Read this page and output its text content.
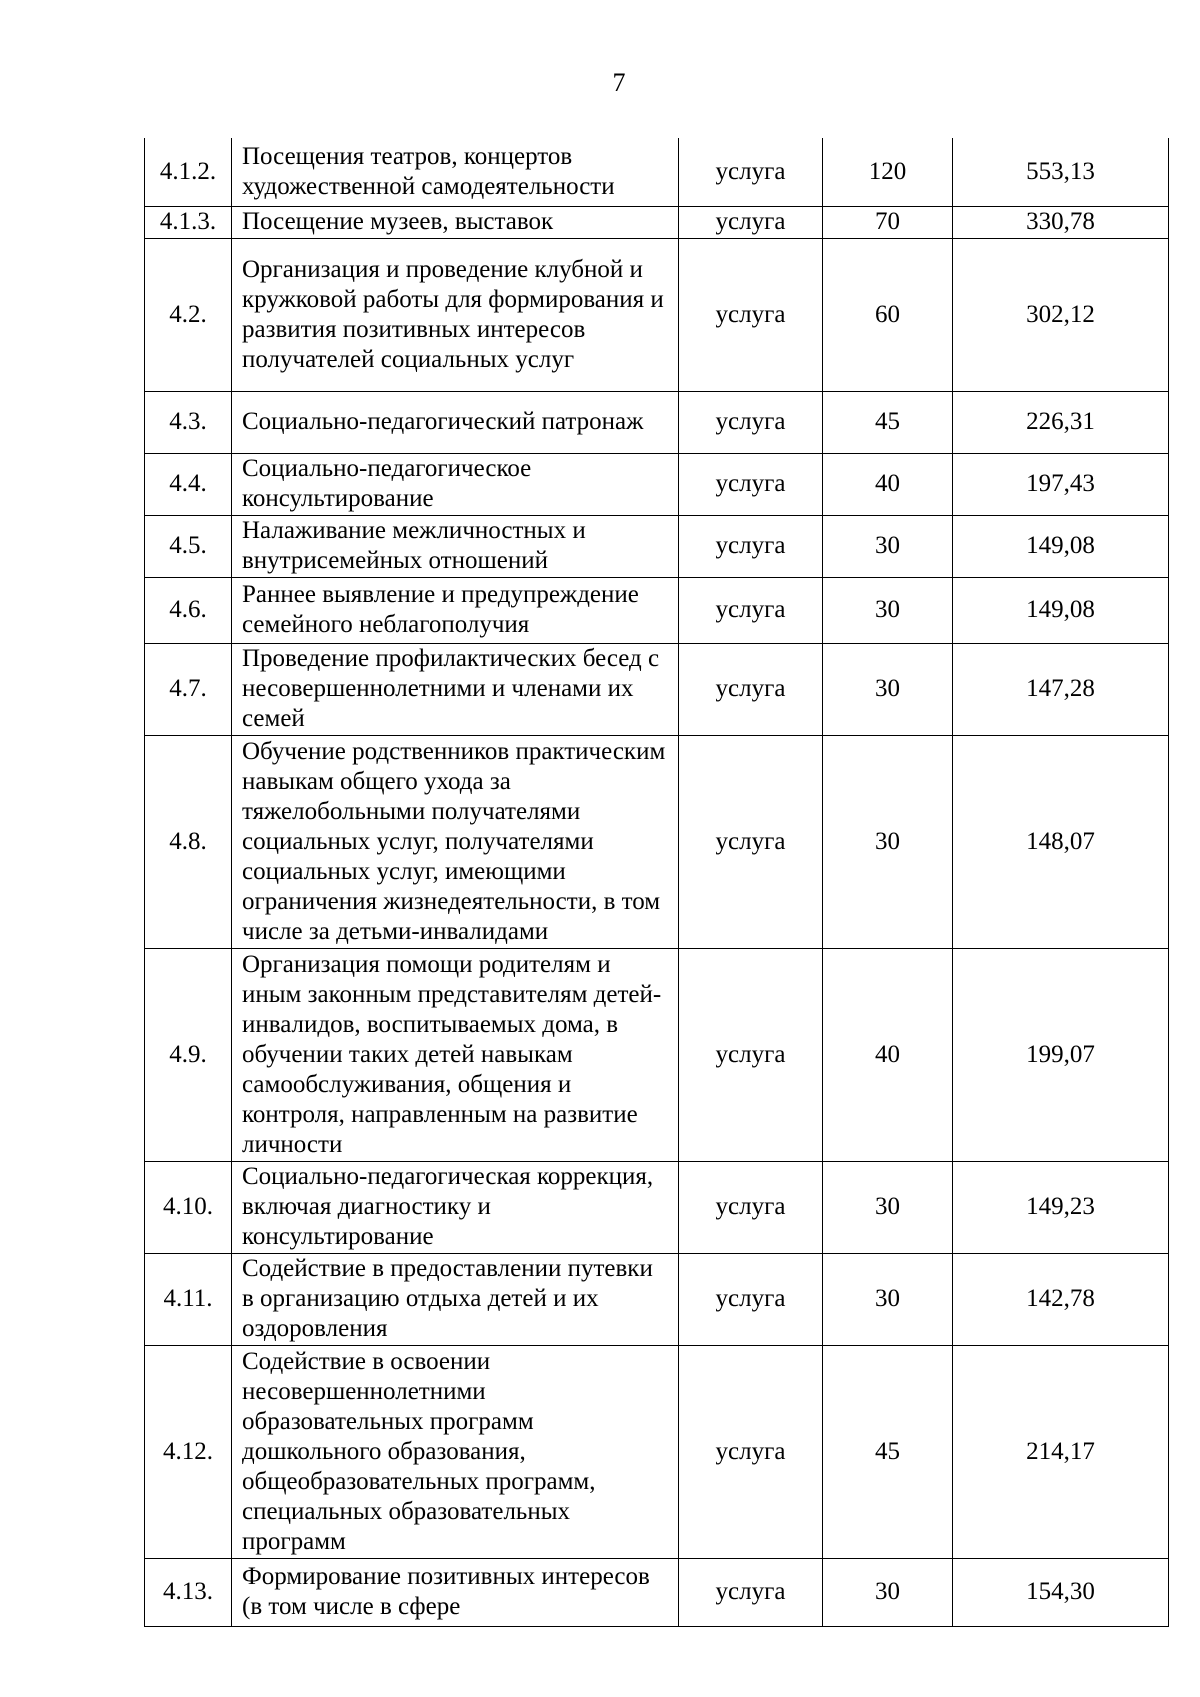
7
4.1.2.	Посещения театров, концертов художественной самодеятельности	услуга	120	553,13
4.1.3.	Посещение музеев, выставок	услуга	70	330,78
4.2.	Организация и проведение клубной и кружковой работы для формирования и развития позитивных интересов получателей социальных услуг	услуга	60	302,12
4.3.	Социально-педагогический патронаж	услуга	45	226,31
4.4.	Социально-педагогическое консультирование	услуга	40	197,43
4.5.	Налаживание межличностных и внутрисемейных отношений	услуга	30	149,08
4.6.	Раннее выявление и предупреждение семейного неблагополучия	услуга	30	149,08
4.7.	Проведение профилактических бесед с несовершеннолетними и членами их семей	услуга	30	147,28
4.8.	Обучение родственников практическим навыкам общего ухода за тяжелобольными получателями социальных услуг, получателями социальных услуг, имеющими ограничения жизнедеятельности, в том числе за детьми-инвалидами	услуга	30	148,07
4.9.	Организация помощи родителям и иным законным представителям детей-инвалидов, воспитываемых дома, в обучении таких детей навыкам самообслуживания, общения и контроля, направленным на развитие личности	услуга	40	199,07
4.10.	Социально-педагогическая коррекция, включая диагностику и консультирование	услуга	30	149,23
4.11.	Содействие в предоставлении путевки в организацию отдыха детей и их оздоровления	услуга	30	142,78
4.12.	Содействие в освоении несовершеннолетними образовательных программ дошкольного образования, общеобразовательных программ, специальных образовательных программ	услуга	45	214,17
4.13.	Формирование позитивных интересов (в том числе в сфере	услуга	30	154,30
